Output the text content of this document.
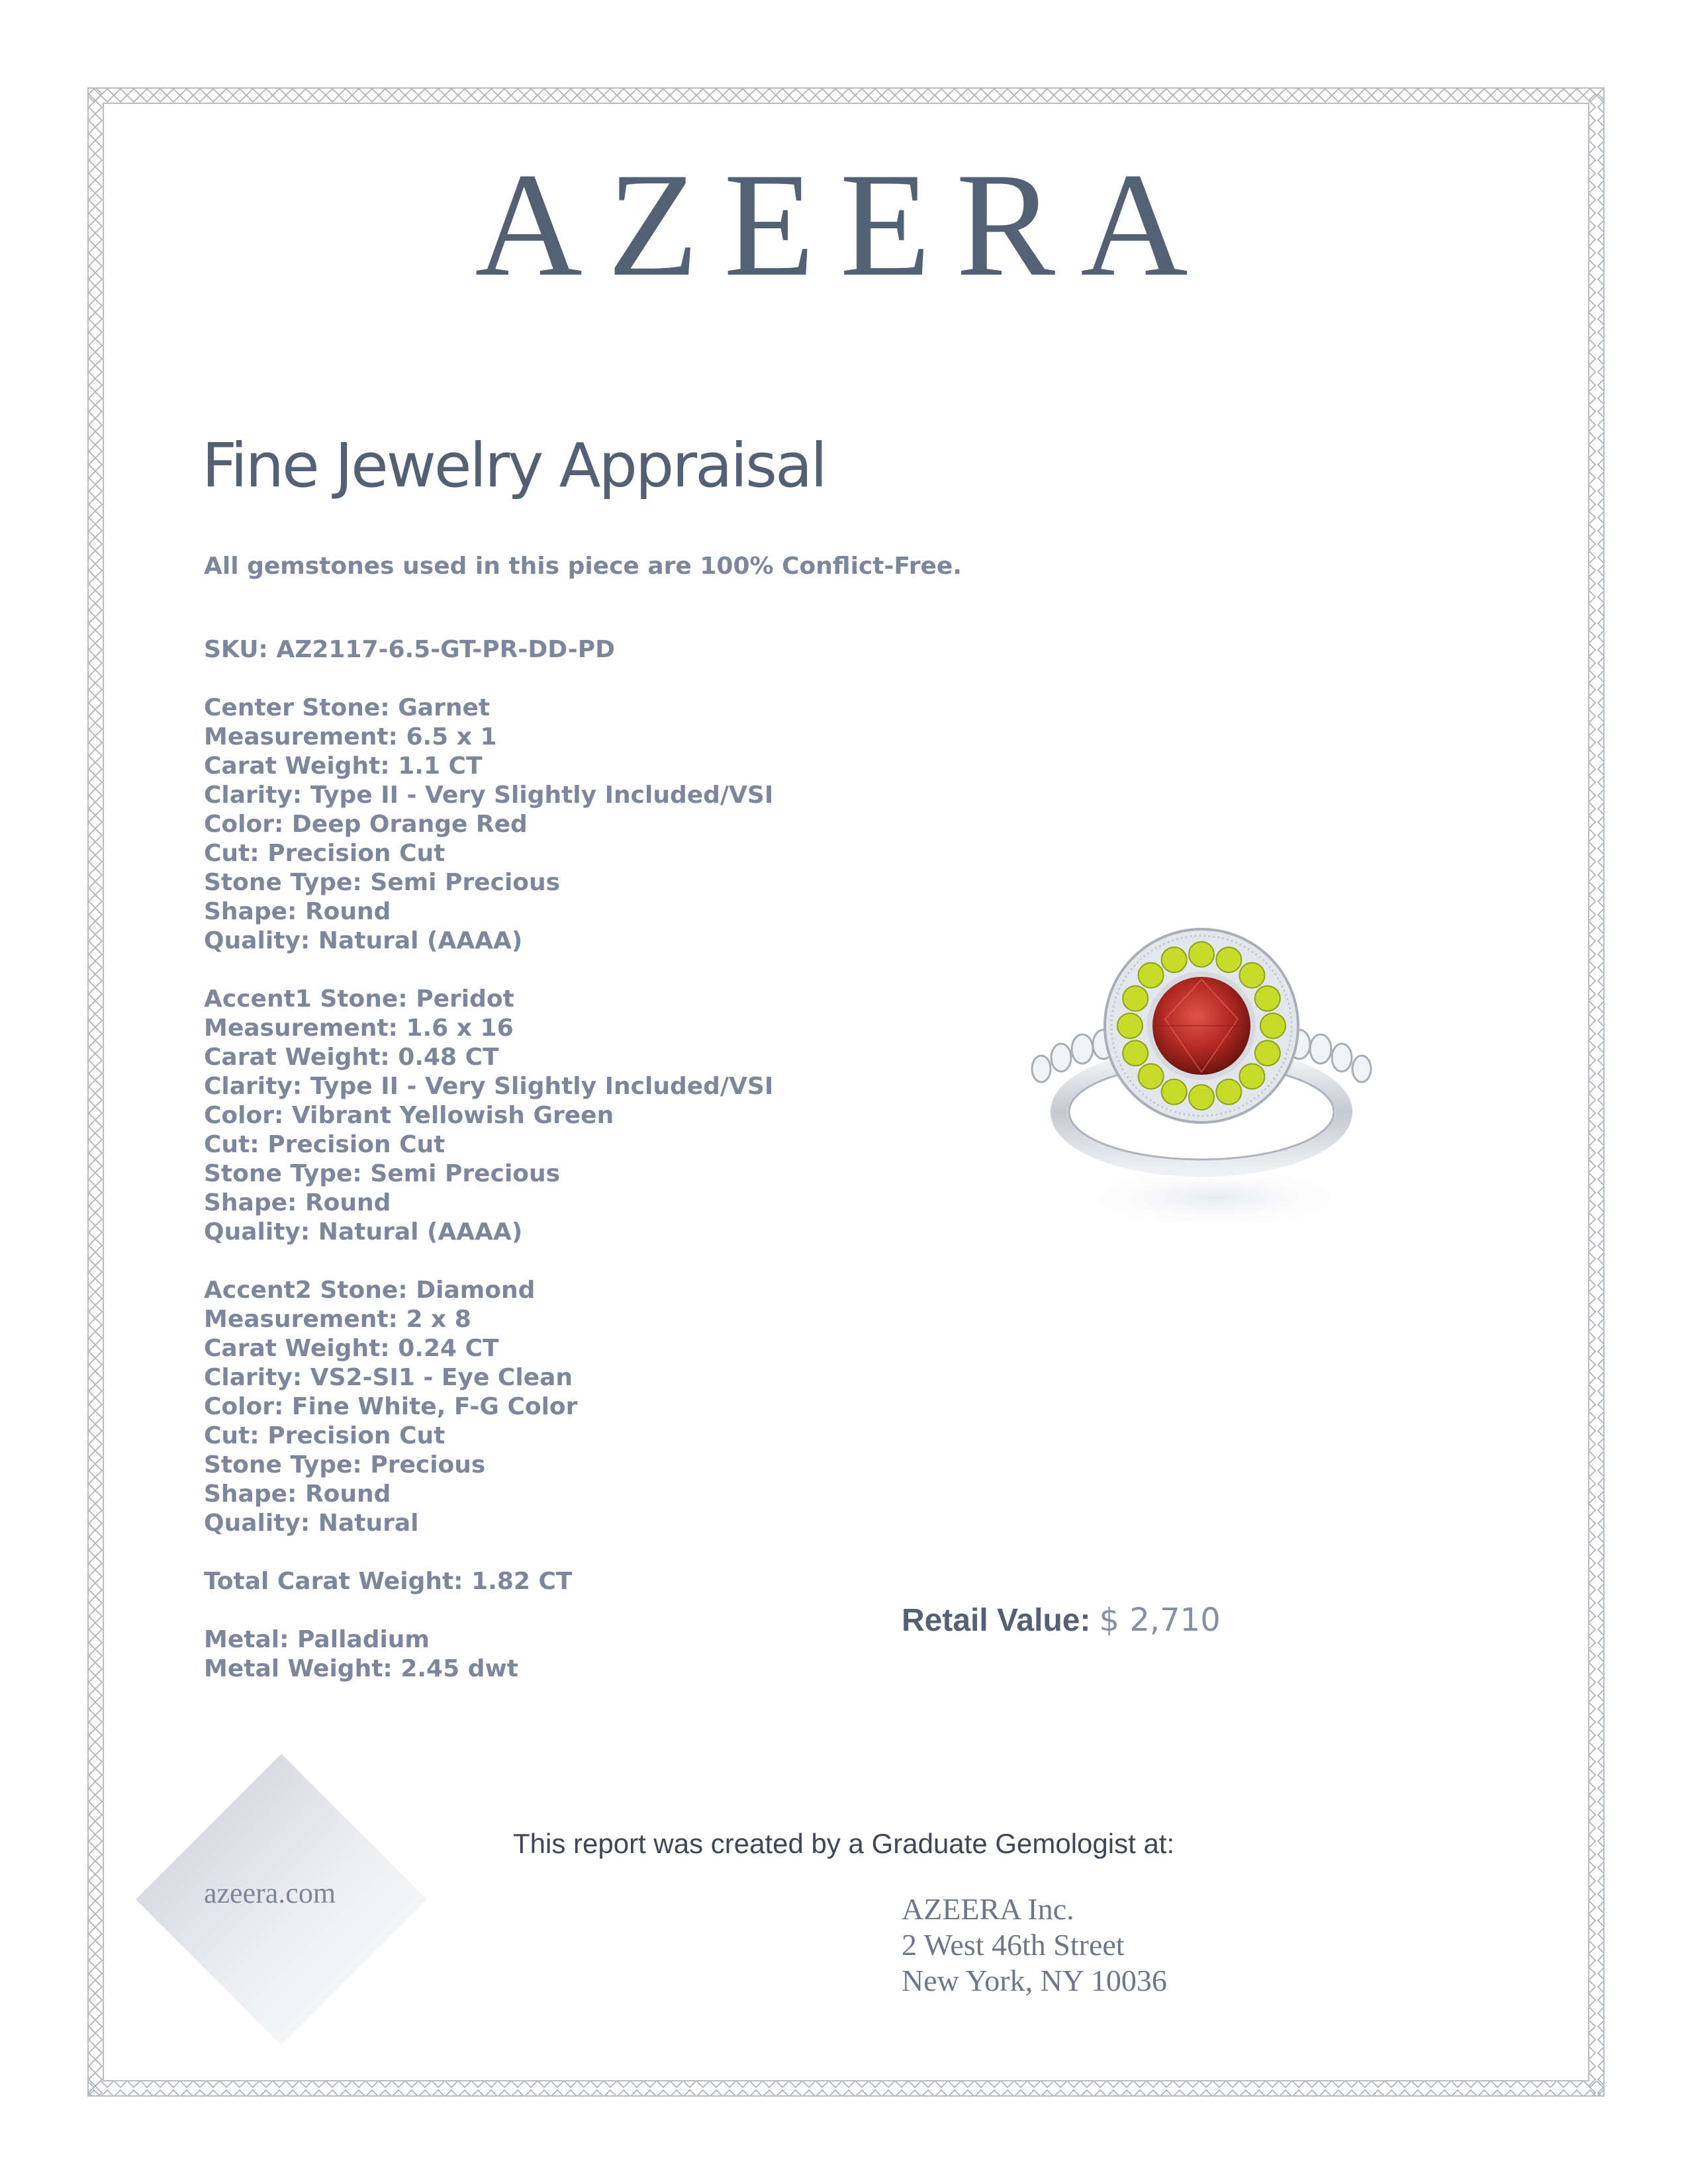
AZEERA
Fine Jewelry Appraisal
All gemstones used in this piece are 100% Conflict-Free.
SKU: AZ2117-6.5-GT-PR-DD-PD
Center Stone: Garnet
Measurement: 6.5 x 1
Carat Weight: 1.1 CT
Clarity: Type II - Very Slightly Included/VSI
Color: Deep Orange Red
Cut: Precision Cut
Stone Type: Semi Precious
Shape: Round
Quality: Natural (AAAA)
Accent1 Stone: Peridot
Measurement: 1.6 x 16
Carat Weight: 0.48 CT
Clarity: Type II - Very Slightly Included/VSI
Color: Vibrant Yellowish Green
Cut: Precision Cut
Stone Type: Semi Precious
Shape: Round
Quality: Natural (AAAA)
Accent2 Stone: Diamond
Measurement: 2 x 8
Carat Weight: 0.24 CT
Clarity: VS2-SI1 - Eye Clean
Color: Fine White, F-G Color
Cut: Precision Cut
Stone Type: Precious
Shape: Round
Quality: Natural
Total Carat Weight: 1.82 CT
Metal: Palladium
Metal Weight: 2.45 dwt
Retail Value: $ 2,710
azeera.com
This report was created by a Graduate Gemologist at:
AZEERA Inc.
2 West 46th Street
New York, NY 10036
